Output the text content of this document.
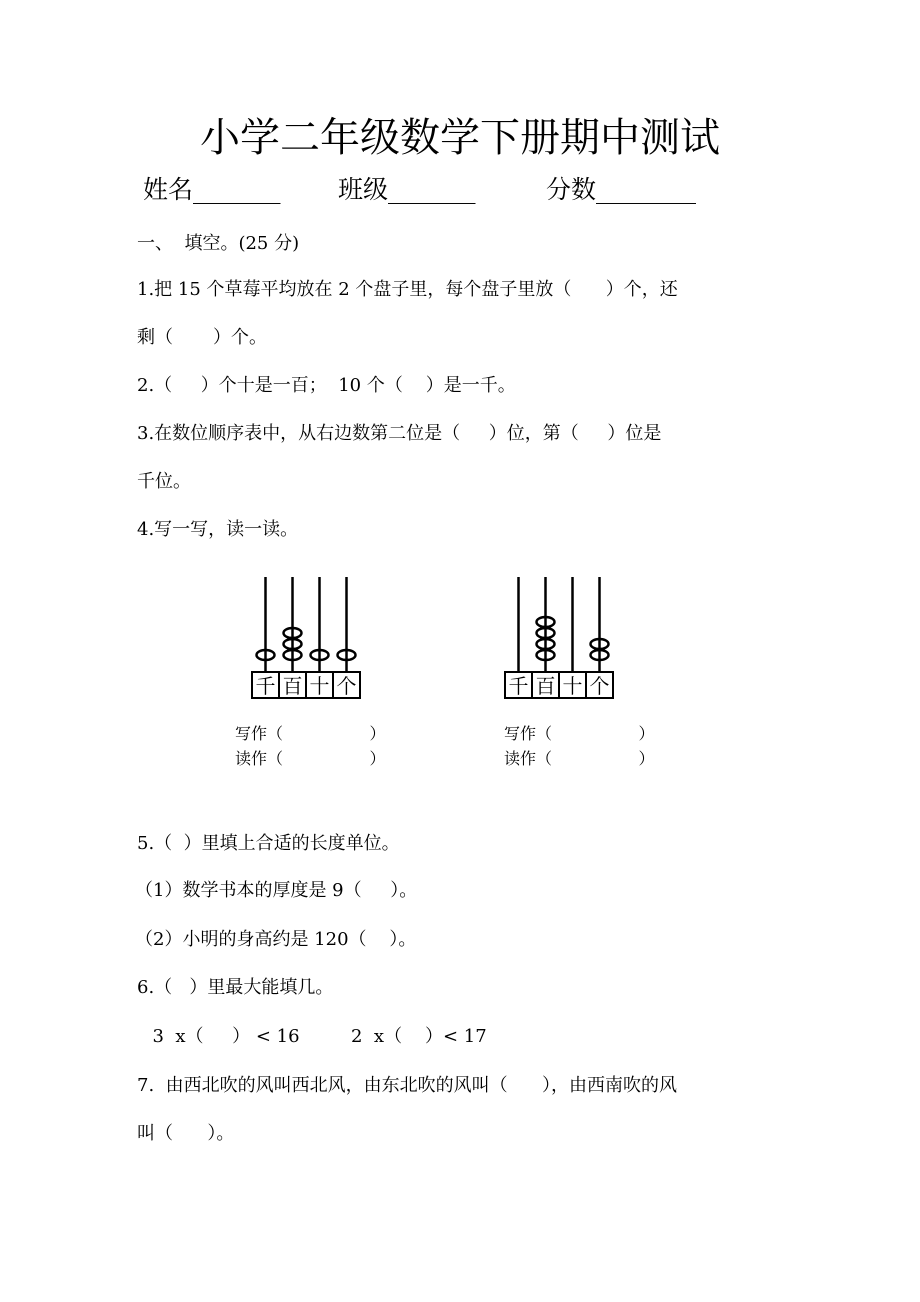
小学二年级数学下册期中测试
姓名_______ 班级_______	分数________
一、  填空。(25 分)
1.把 15 个草莓平均放在 2 个盘子里，每个盘子里放（      ）个，还
剩（       ）个。
2.（     ）个十是一百；  10 个（    ）是一千。
3.在数位顺序表中，从右边数第二位是（     ）位，第（     ）位是
千位。
4.写一写，读一读。
千 百 十 个	千 百 十 个
写作（                 ）
读作（                 ）
写作（                 ）
读作（                 ）
5.（  ）里填上合适的长度单位。
（1）数学书本的厚度是 9（     ）。
（2）小明的身高约是 120（    ）。
6.（   ）里最大能填几。
3  x（     ） < 16         2  x（    ）< 17
7.  由西北吹的风叫西北风，由东北吹的风叫（      ），由西南吹的风
叫（      ）。
